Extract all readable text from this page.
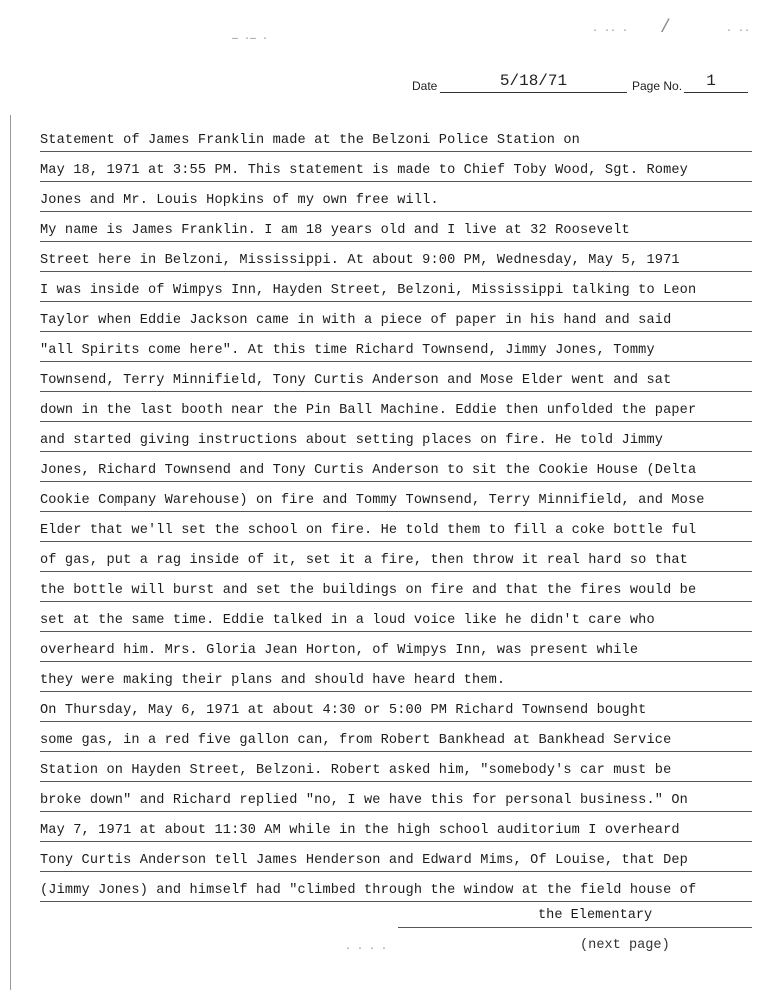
— ·— ·
· ·· · /	· ··
· · · ·
Date	5/18/71	Page No.	1
Statement of James Franklin made at the Belzoni Police Station on
May 18, 1971 at 3:55 PM. This statement is made to Chief Toby Wood, Sgt. Romey
Jones and Mr. Louis Hopkins of my own free will.
My name is James Franklin. I am 18 years old and I live at 32 Roosevelt
Street here in Belzoni, Mississippi. At about 9:00 PM, Wednesday, May 5, 1971
I was inside of Wimpys Inn, Hayden Street, Belzoni, Mississippi talking to Leon
Taylor when Eddie Jackson came in with a piece of paper in his hand and said
"all Spirits come here". At this time Richard Townsend, Jimmy Jones, Tommy
Townsend, Terry Minnifield, Tony Curtis Anderson and Mose Elder went and sat
down in the last booth near the Pin Ball Machine. Eddie then unfolded the paper
and started giving instructions about setting places on fire. He told Jimmy
Jones, Richard Townsend and Tony Curtis Anderson to sit the Cookie House (Delta
Cookie Company Warehouse) on fire and Tommy Townsend, Terry Minnifield, and Mose
Elder that we'll set the school on fire. He told them to fill a coke bottle ful
of gas, put a rag inside of it, set it a fire, then throw it real hard so that
the bottle will burst and set the buildings on fire and that the fires would be
set at the same time. Eddie talked in a loud voice like he didn't care who
overheard him. Mrs. Gloria Jean Horton, of Wimpys Inn, was present while
they were making their plans and should have heard them.
On Thursday, May 6, 1971 at about 4:30 or 5:00 PM Richard Townsend bought
some gas, in a red five gallon can, from Robert Bankhead at Bankhead Service
Station on Hayden Street, Belzoni. Robert asked him, "somebody's car must be
broke down" and Richard replied "no, I we have this for personal business." On
May 7, 1971 at about 11:30 AM while in the high school auditorium I overheard
Tony Curtis Anderson tell James Henderson and Edward Mims, Of Louise, that Dep
(Jimmy Jones) and himself had "climbed through the window at the field house of
the Elementary
(next page)
